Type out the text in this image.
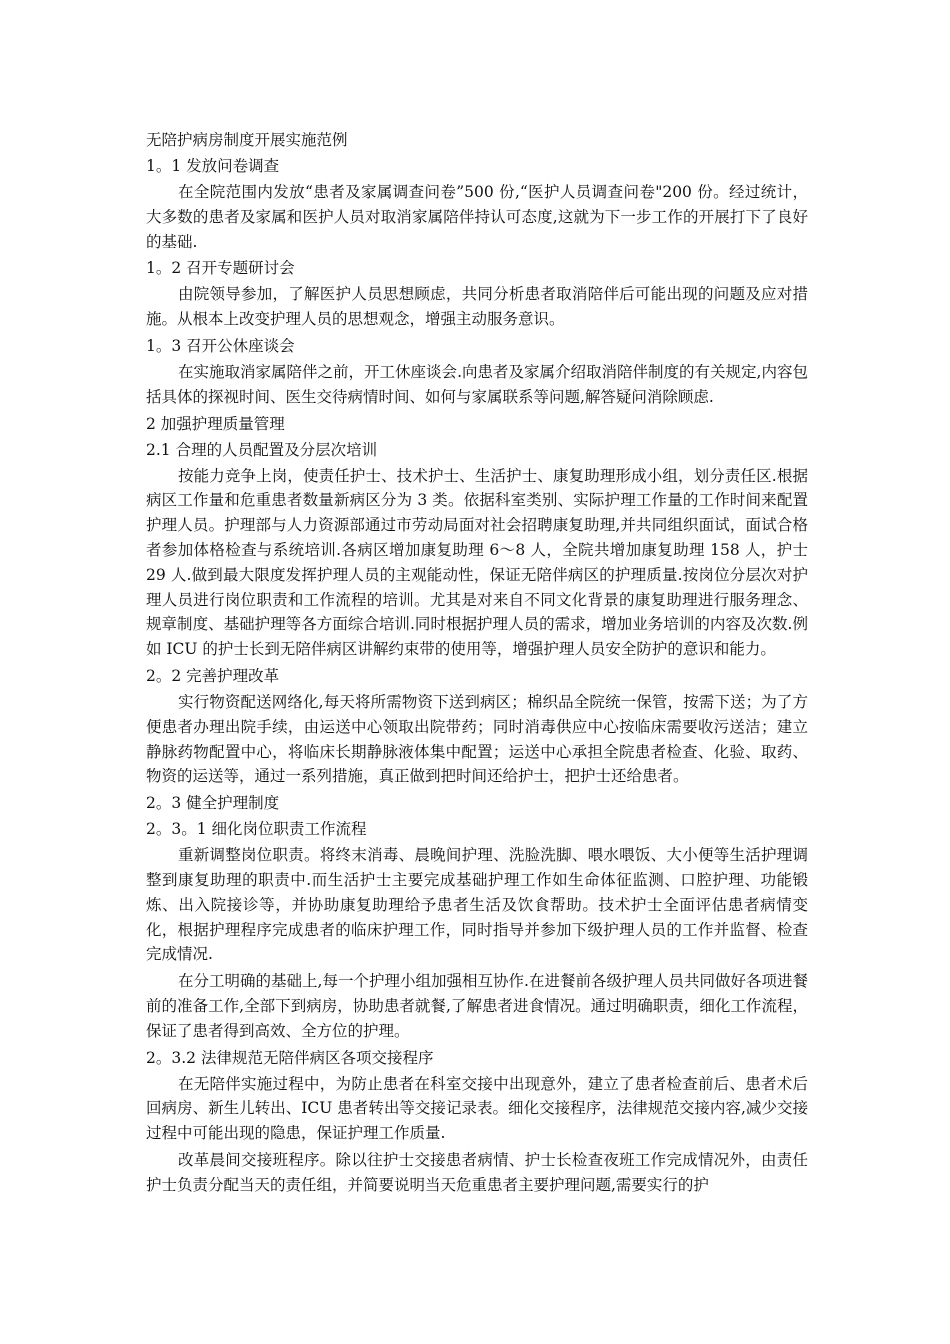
无陪护病房制度开展实施范例

1。1 发放问卷调查

在全院范围内发放“患者及家属调查问卷”500 份,“医护人员调查问卷"200 份。经过统计，大多数的患者及家属和医护人员对取消家属陪伴持认可态度,这就为下一步工作的开展打下了良好的基础.

1。2 召开专题研讨会

由院领导参加，了解医护人员思想顾虑，共同分析患者取消陪伴后可能出现的问题及应对措施。从根本上改变护理人员的思想观念，增强主动服务意识。

1。3 召开公休座谈会

在实施取消家属陪伴之前，开工休座谈会.向患者及家属介绍取消陪伴制度的有关规定,内容包括具体的探视时间、医生交待病情时间、如何与家属联系等问题,解答疑问消除顾虑.

2 加强护理质量管理

2.1 合理的人员配置及分层次培训

按能力竞争上岗，使责任护士、技术护士、生活护士、康复助理形成小组，划分责任区.根据病区工作量和危重患者数量新病区分为 3 类。依据科室类别、实际护理工作量的工作时间来配置护理人员。护理部与人力资源部通过市劳动局面对社会招聘康复助理,并共同组织面试，面试合格者参加体格检查与系统培训.各病区增加康复助理 6～8 人，全院共增加康复助理 158 人，护士 29 人.做到最大限度发挥护理人员的主观能动性，保证无陪伴病区的护理质量.按岗位分层次对护理人员进行岗位职责和工作流程的培训。尤其是对来自不同文化背景的康复助理进行服务理念、规章制度、基础护理等各方面综合培训.同时根据护理人员的需求，增加业务培训的内容及次数.例如 ICU 的护士长到无陪伴病区讲解约束带的使用等，增强护理人员安全防护的意识和能力。

2。2 完善护理改革

实行物资配送网络化,每天将所需物资下送到病区；棉织品全院统一保管，按需下送；为了方便患者办理出院手续，由运送中心领取出院带药；同时消毒供应中心按临床需要收污送洁；建立静脉药物配置中心，将临床长期静脉液体集中配置；运送中心承担全院患者检查、化验、取药、物资的运送等，通过一系列措施，真正做到把时间还给护士，把护士还给患者。

2。3 健全护理制度

2。3。1 细化岗位职责工作流程

重新调整岗位职责。将终末消毒、晨晚间护理、洗脸洗脚、喂水喂饭、大小便等生活护理调整到康复助理的职责中.而生活护士主要完成基础护理工作如生命体征监测、口腔护理、功能锻炼、出入院接诊等，并协助康复助理给予患者生活及饮食帮助。技术护士全面评估患者病情变化，根据护理程序完成患者的临床护理工作，同时指导并参加下级护理人员的工作并监督、检查完成情况.

在分工明确的基础上,每一个护理小组加强相互协作.在进餐前各级护理人员共同做好各项进餐前的准备工作,全部下到病房，协助患者就餐,了解患者进食情况。通过明确职责，细化工作流程，保证了患者得到高效、全方位的护理。

2。3.2 法律规范无陪伴病区各项交接程序

在无陪伴实施过程中，为防止患者在科室交接中出现意外，建立了患者检查前后、患者术后回病房、新生儿转出、ICU 患者转出等交接记录表。细化交接程序，法律规范交接内容,减少交接过程中可能出现的隐患，保证护理工作质量.

改革晨间交接班程序。除以往护士交接患者病情、护士长检查夜班工作完成情况外，由责任护士负责分配当天的责任组，并简要说明当天危重患者主要护理问题,需要实行的护
